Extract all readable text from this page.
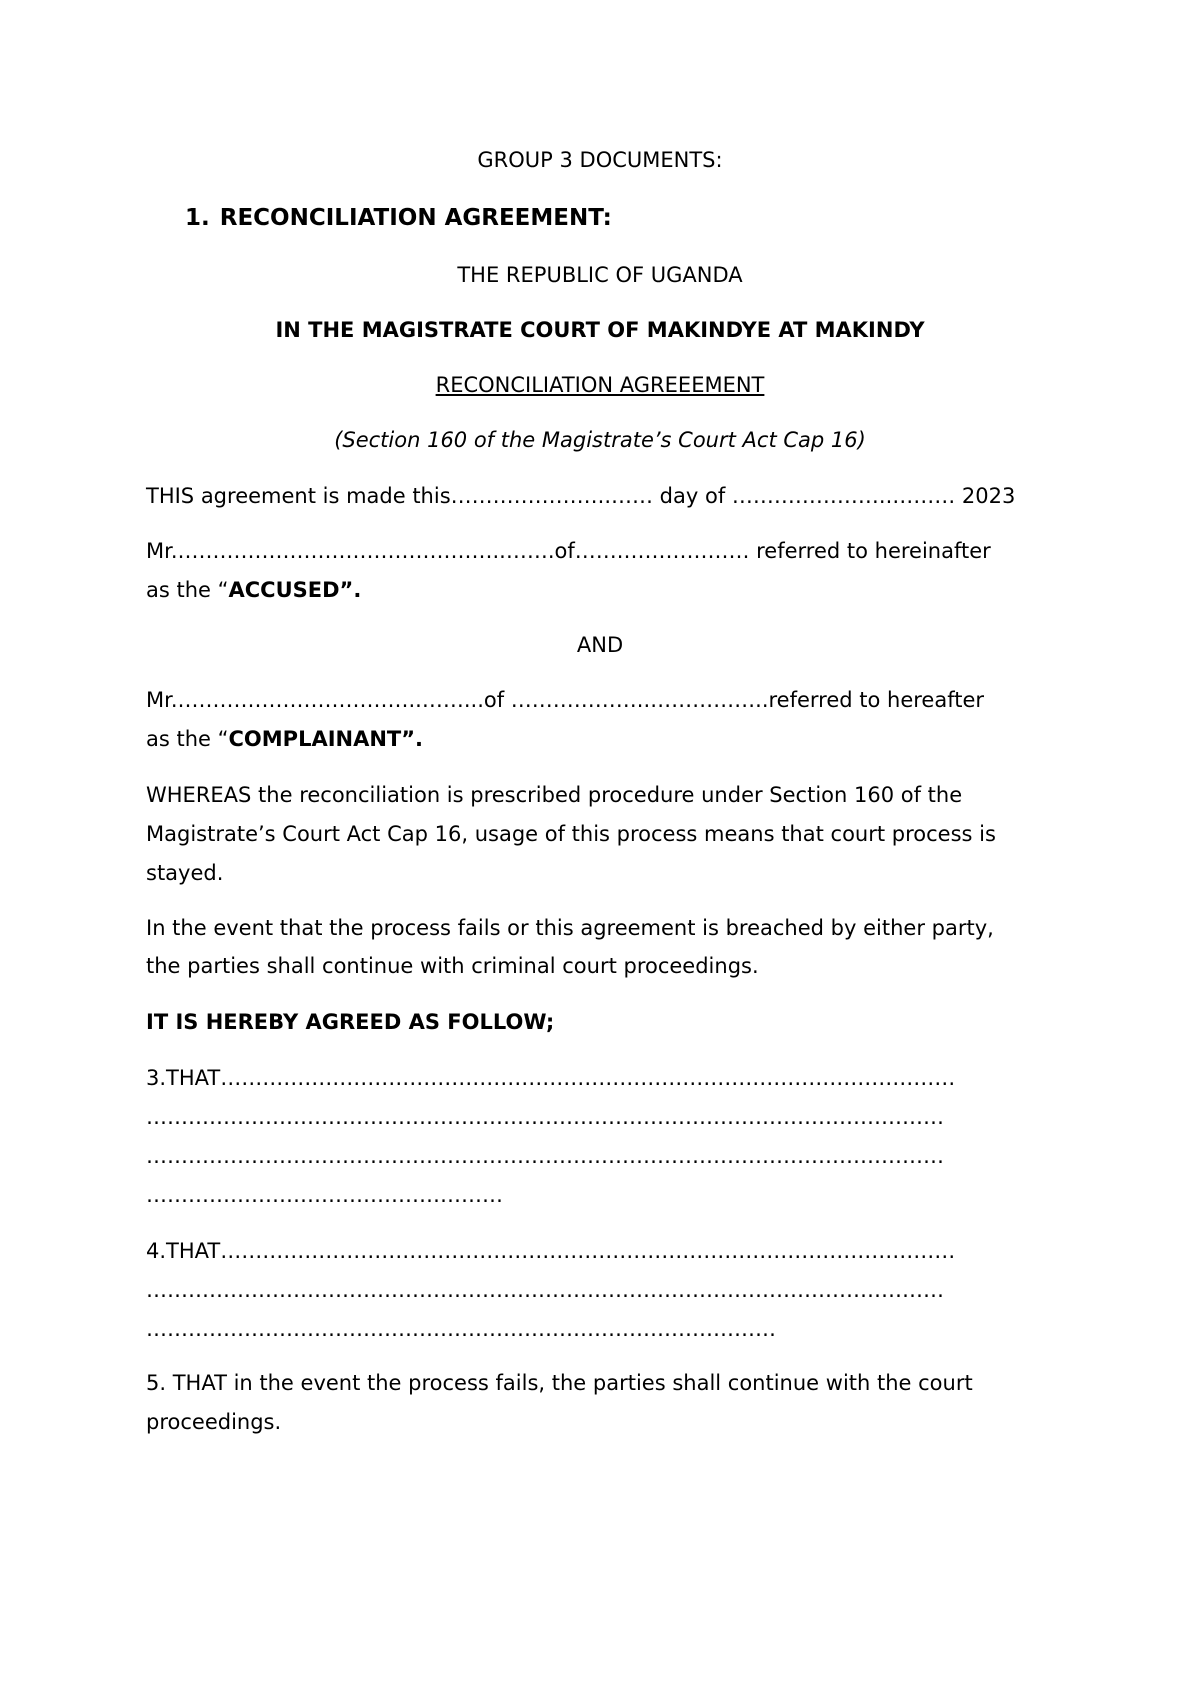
GROUP 3 DOCUMENTS:
1. RECONCILIATION AGREEMENT:
THE REPUBLIC OF UGANDA
IN THE MAGISTRATE COURT OF MAKINDYE AT MAKINDY
RECONCILIATION AGREEEMENT
(Section 160 of the Magistrate’s Court Act Cap 16)
THIS agreement is made this…………………..…… day of …………………..……… 2023
Mr.………………………………………..…….of…….……………… referred to hereinafter
as the “ACCUSED”.
AND
Mr.……………………………..……...of ………………..……………..referred to hereafter
as the “COMPLAINANT”.
WHEREAS the reconciliation is prescribed procedure under Section 160 of the
Magistrate’s Court Act Cap 16, usage of this process means that court process is
stayed.
In the event that the process fails or this agreement is breached by either party,
the parties shall continue with criminal court proceedings.
IT IS HEREBY AGREED AS FOLLOW;
3.THAT……………………………………………………………………………………………
……………………………………………………………………………………………………
……………………………………………………………………………………………………
……………………………………………
4.THAT……………………………………………………………………………………………
……………………………………………………………………………………………………
………………………………………………………………………………
5. THAT in the event the process fails, the parties shall continue with the court
proceedings.
